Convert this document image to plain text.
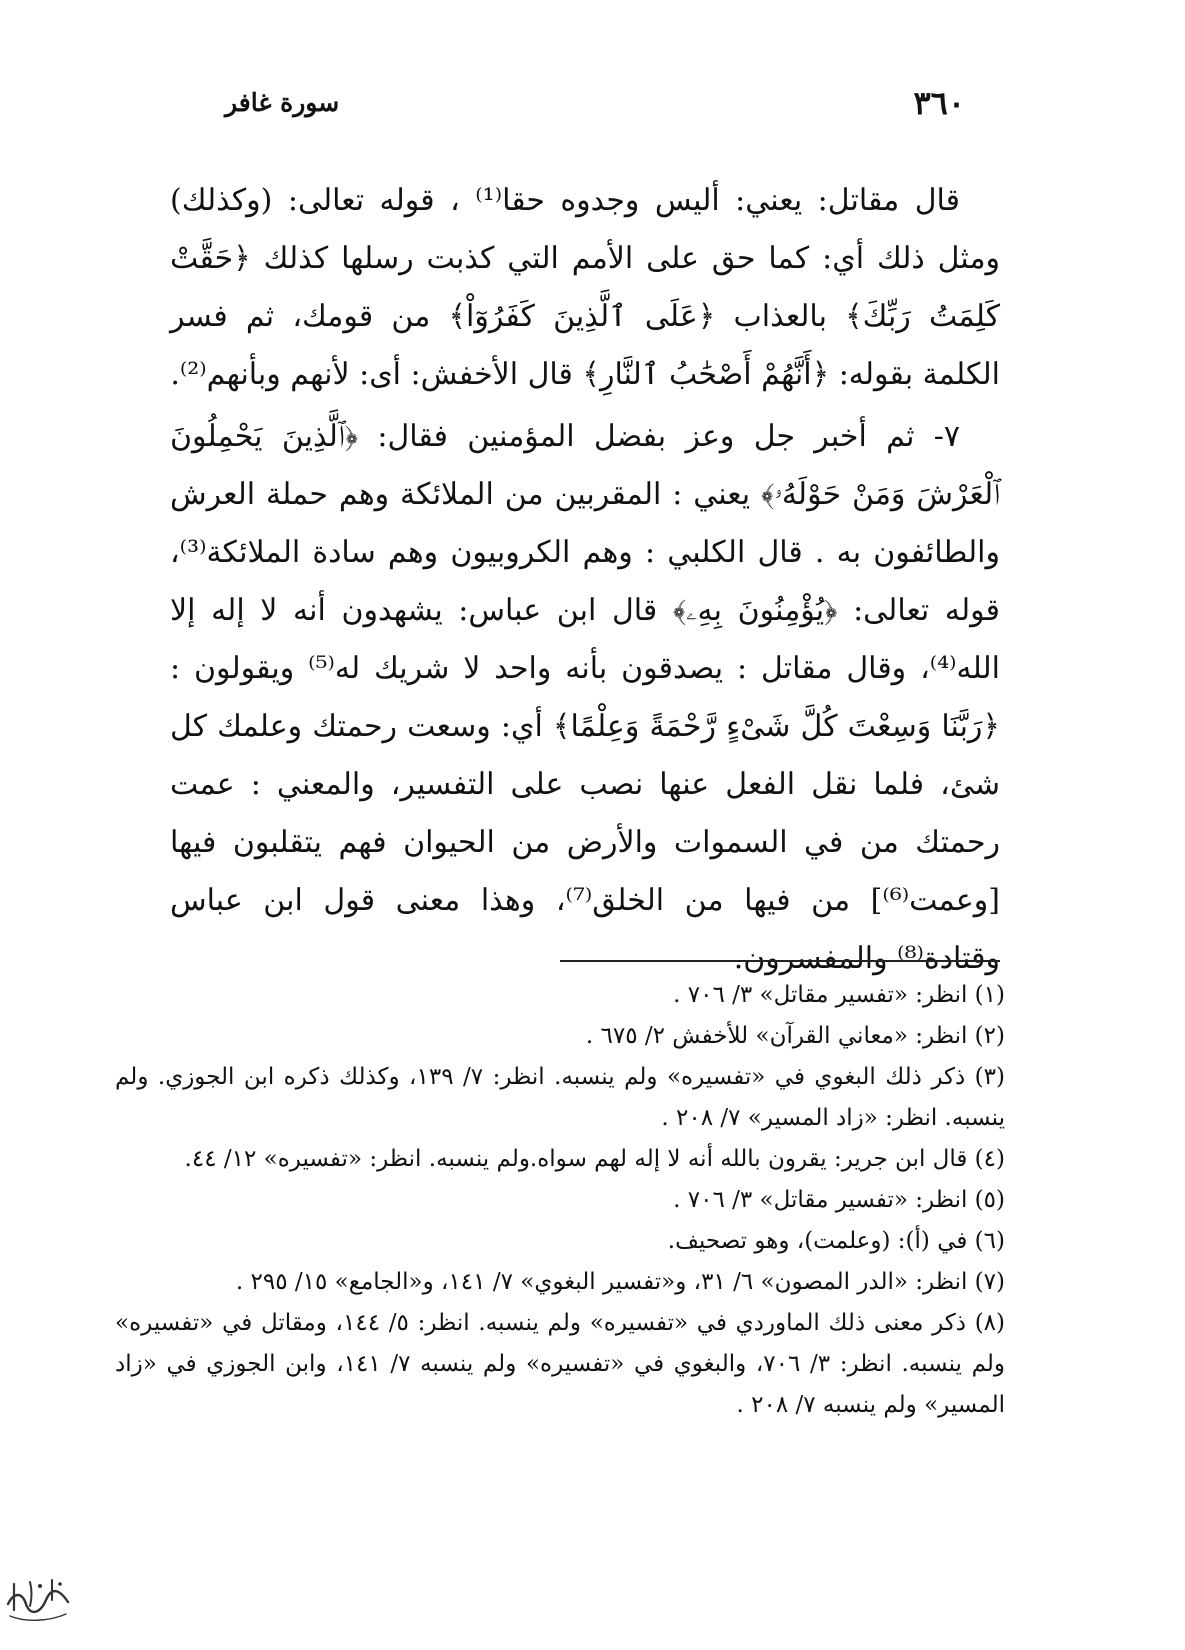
٣٦٠
سورة غافر

قال مقاتل: يعني: أليس وجدوه حقا⁽¹⁾ ، قوله تعالى: (وكذلك) ومثل ذلك أي: كما حق على الأمم التي كذبت رسلها كذلك ﴿حَقَّتْ كَلِمَتُ رَبِّكَ﴾ بالعذاب ﴿عَلَى ٱلَّذِينَ كَفَرُوٓاْ﴾ من قومك، ثم فسر الكلمة بقوله: ﴿أَنَّهُمْ أَصْحَٰبُ ٱلنَّارِ﴾ قال الأخفش: أى: لأنهم وبأنهم⁽²⁾.

٧- ثم أخبر جل وعز بفضل المؤمنين فقال: ﴿ٱلَّذِينَ يَحْمِلُونَ ٱلْعَرْشَ وَمَنْ حَوْلَهُۥ﴾ يعني : المقربين من الملائكة وهم حملة العرش والطائفون به . قال الكلبي : وهم الكروبيون وهم سادة الملائكة⁽³⁾، قوله تعالى: ﴿يُؤْمِنُونَ بِهِۦ﴾ قال ابن عباس: يشهدون أنه لا إله إلا الله⁽⁴⁾، وقال مقاتل : يصدقون بأنه واحد لا شريك له⁽⁵⁾ ويقولون : ﴿رَبَّنَا وَسِعْتَ كُلَّ شَىْءٍ رَّحْمَةً وَعِلْمًا﴾ أي: وسعت رحمتك وعلمك كل شئ، فلما نقل الفعل عنها نصب على التفسير، والمعني : عمت رحمتك من في السموات والأرض من الحيوان فهم يتقلبون فيها [وعمت⁽⁶⁾] من فيها من الخلق⁽⁷⁾، وهذا معنى قول ابن عباس وقتادة⁽⁸⁾ والمفسرون.

(١) انظر: «تفسير مقاتل» ٣/ ٧٠٦ .

(٢) انظر: «معاني القرآن» للأخفش ٢/ ٦٧٥ .

(٣) ذكر ذلك البغوي في «تفسيره» ولم ينسبه. انظر: ٧/ ١٣٩، وكذلك ذكره ابن الجوزي. ولم ينسبه. انظر: «زاد المسير» ٧/ ٢٠٨ .

(٤) قال ابن جرير: يقرون بالله أنه لا إله لهم سواه.ولم ينسبه. انظر: «تفسيره» ١٢/ ٤٤.

(٥) انظر: «تفسير مقاتل» ٣/ ٧٠٦ .

(٦) في (أ): (وعلمت)، وهو تصحيف.

(٧) انظر: «الدر المصون» ٦/ ٣١، و«تفسير البغوي» ٧/ ١٤١، و«الجامع» ١٥/ ٢٩٥ .

(٨) ذكر معنى ذلك الماوردي في «تفسيره» ولم ينسبه. انظر: ٥/ ١٤٤، ومقاتل في «تفسيره» ولم ينسبه. انظر: ٣/ ٧٠٦، والبغوي في «تفسيره» ولم ينسبه ٧/ ١٤١، وابن الجوزي في «زاد المسير» ولم ينسبه ٧/ ٢٠٨ .
